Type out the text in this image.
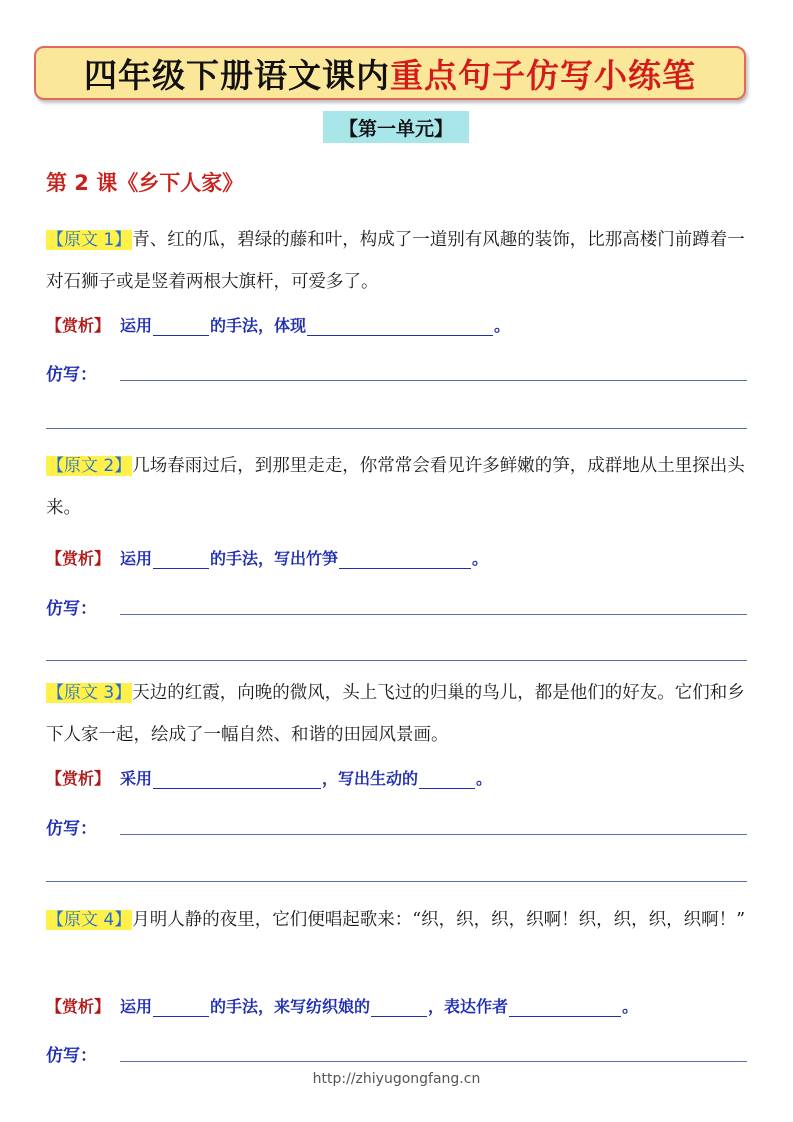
四年级下册语文课内 重点句子仿写小练笔
【第一单元】
第 2 课《乡下人家》
【原文 1】青、红的瓜，碧绿的藤和叶，构成了一道别有风趣的装饰，比那高楼门前蹲着一对石狮子或是竖着两根大旗杆，可爱多了。
【赏析】 运用	的手法，体现	。
仿写：
【原文 2】几场春雨过后，到那里走走，你常常会看见许多鲜嫩的笋，成群地从土里探出头来。
【赏析】 运用	的手法，写出竹笋	。
仿写：
【原文 3】天边的红霞，向晚的微风，头上飞过的归巢的鸟儿，都是他们的好友。它们和乡下人家一起，绘成了一幅自然、和谐的田园风景画。
【赏析】 采用	，写出生动的	。
仿写：
【原文 4】月明人静的夜里，它们便唱起歌来：“织，织，织，织啊！织，织，织，织啊！”
【赏析】 运用	的手法，来写纺织娘的	，表达作者	。
仿写：
http://zhiyugongfang.cn
